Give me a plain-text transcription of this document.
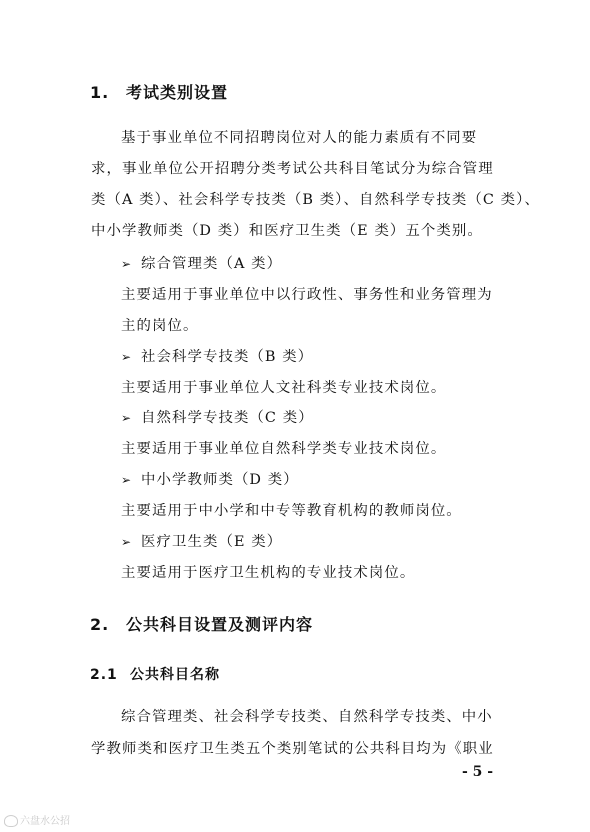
1. 考试类别设置
基于事业单位不同招聘岗位对人的能力素质有不同要
求，事业单位公开招聘分类考试公共科目笔试分为综合管理
类（A 类）、社会科学专技类（B 类）、自然科学专技类（C 类）、
中小学教师类（D 类）和医疗卫生类（E 类）五个类别。
➢ 综合管理类（A 类）
主要适用于事业单位中以行政性、事务性和业务管理为
主的岗位。
➢ 社会科学专技类（B 类）
主要适用于事业单位人文社科类专业技术岗位。
➢ 自然科学专技类（C 类）
主要适用于事业单位自然科学类专业技术岗位。
➢ 中小学教师类（D 类）
主要适用于中小学和中专等教育机构的教师岗位。
➢ 医疗卫生类（E 类）
主要适用于医疗卫生机构的专业技术岗位。
2. 公共科目设置及测评内容
2.1 公共科目名称
综合管理类、社会科学专技类、自然科学专技类、中小
学教师类和医疗卫生类五个类别笔试的公共科目均为《职业
- 5 -
六盘水公招
